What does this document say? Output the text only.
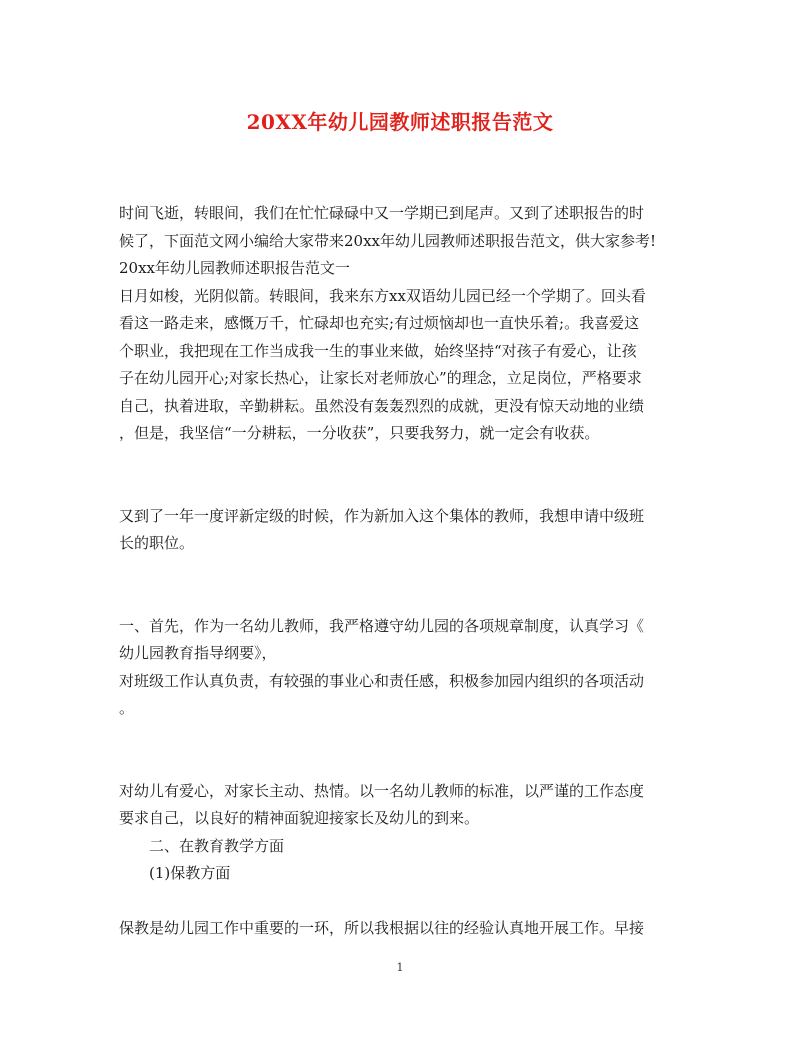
20XX年幼儿园教师述职报告范文
时间飞逝，转眼间，我们在忙忙碌碌中又一学期已到尾声。又到了述职报告的时
候了，下面范文网小编给大家带来20xx年幼儿园教师述职报告范文，供大家参考!
20xx年幼儿园教师述职报告范文一
日月如梭，光阴似箭。转眼间，我来东方xx双语幼儿园已经一个学期了。回头看
看这一路走来，感慨万千，忙碌却也充实;有过烦恼却也一直快乐着;。我喜爱这
个职业，我把现在工作当成我一生的事业来做，始终坚持“对孩子有爱心，让孩
子在幼儿园开心;对家长热心，让家长对老师放心”的理念，立足岗位，严格要求
自己，执着进取，辛勤耕耘。虽然没有轰轰烈烈的成就，更没有惊天动地的业绩
，但是，我坚信“一分耕耘，一分收获”，只要我努力，就一定会有收获。
又到了一年一度评新定级的时候，作为新加入这个集体的教师，我想申请中级班
长的职位。
一、首先，作为一名幼儿教师，我严格遵守幼儿园的各项规章制度，认真学习《
幼儿园教育指导纲要》，
对班级工作认真负责，有较强的事业心和责任感，积极参加园内组织的各项活动
。
对幼儿有爱心，对家长主动、热情。以一名幼儿教师的标准，以严谨的工作态度
要求自己，以良好的精神面貌迎接家长及幼儿的到来。
二、在教育教学方面
(1)保教方面
保教是幼儿园工作中重要的一环，所以我根据以往的经验认真地开展工作。早接
1
